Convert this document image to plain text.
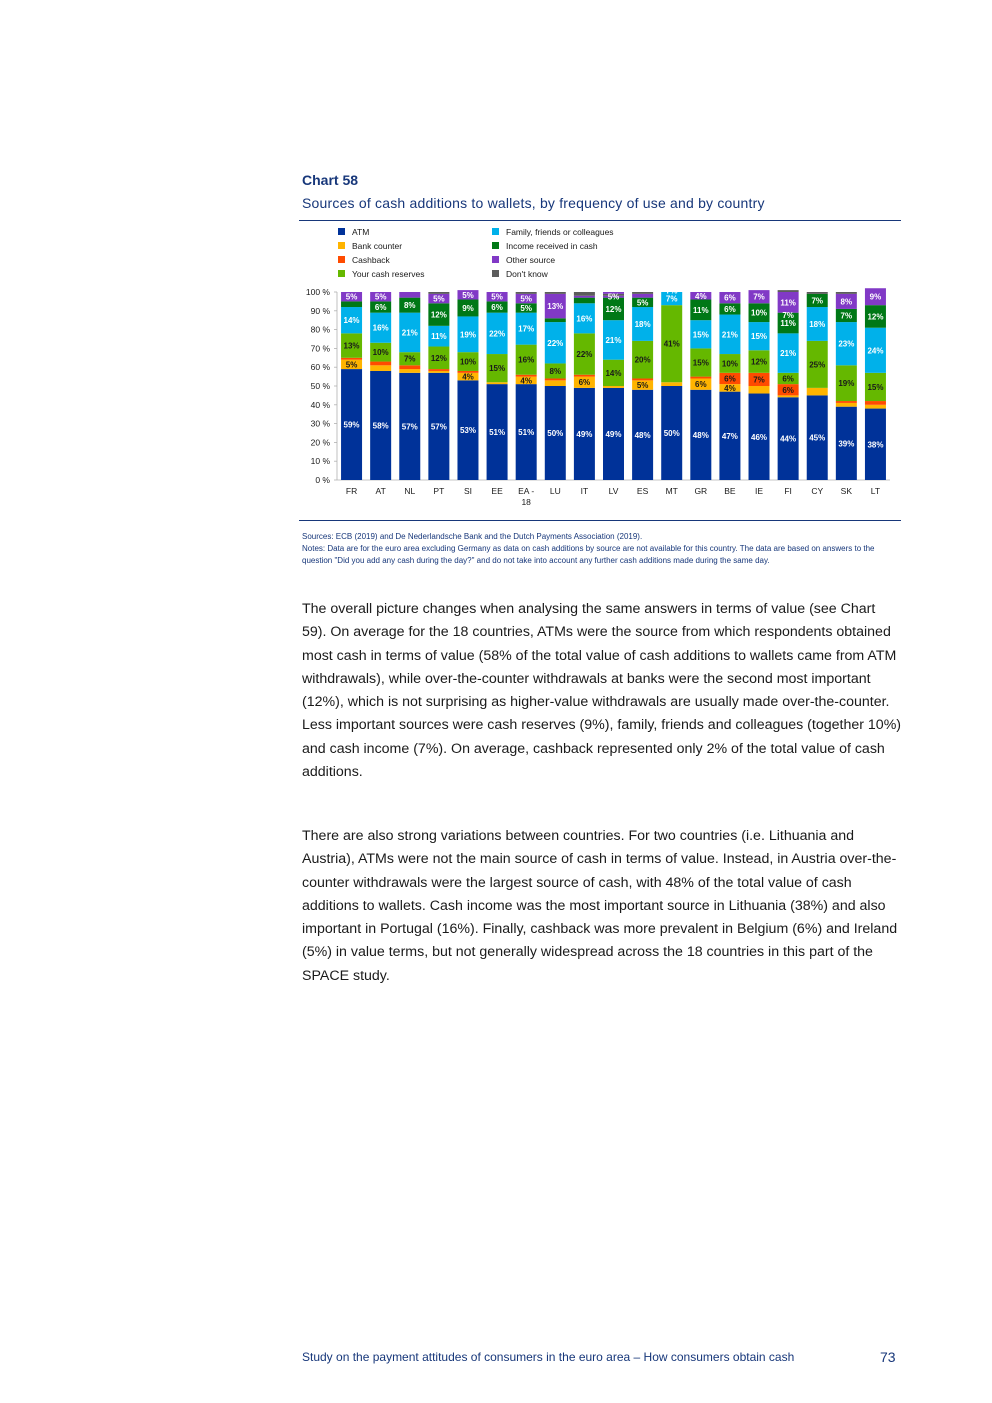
Chart 58
Sources of cash additions to wallets, by frequency of use and by country
ATM
Bank counter
Cashback
Your cash reserves
Family, friends or colleagues
Income received in cash
Other source
Don't know
0 %
10 %
20 %
30 %
40 %
50 %
60 %
70 %
80 %
90 %
100 %
59%
5%
13%
14%
5%
FR
58%
10%
16%
6%
5%
AT
57%
7%
21%
8%
NL
57%
12%
11%
12%
5%
PT
53%
4%
10%
19%
9%
5%
SI
51%
15%
22%
6%
5%
EE
51%
4%
16%
17%
5%
5%
EA -
18
50%
8%
22%
13%
LU
49%
6%
22%
16%
IT
49%
14%
21%
12%
5%
LV
48%
5%
20%
18%
5%
ES
50%
41%
7%
MT
48%
6%
15%
15%
11%
4%
GR
47%
4%
6%
10%
21%
6%
6%
BE
46%
7%
12%
15%
10%
7%
IE
44%
6%
6%
21%
11%
11%
FI
45%
25%
18%
7%
CY
39%
19%
23%
7%
8%
SK
38%
15%
24%
12%
9%
LT
7%
7%

Sources: ECB (2019) and De Nederlandsche Bank and the Dutch Payments Association (2019).

Notes: Data are for the euro area excluding Germany as data on cash additions by source are not available for this country. The data are based on answers to the question "Did you add any cash during the day?" and do not take into account any further cash additions made during the same day.

The overall picture changes when analysing the same answers in terms of value (see Chart 59). On average for the 18 countries, ATMs were the source from which respondents obtained most cash in terms of value (58% of the total value of cash additions to wallets came from ATM withdrawals), while over-the-counter withdrawals at banks were the second most important (12%), which is not surprising as higher-value withdrawals are usually made over-the-counter. Less important sources were cash reserves (9%), family, friends and colleagues (together 10%) and cash income (7%). On average, cashback represented only 2% of the total value of cash additions.

There are also strong variations between countries. For two countries (i.e. Lithuania and Austria), ATMs were not the main source of cash in terms of value. Instead, in Austria over-the-counter withdrawals were the largest source of cash, with 48% of the total value of cash additions to wallets. Cash income was the most important source in Lithuania (38%) and also important in Portugal (16%). Finally, cashback was more prevalent in Belgium (6%) and Ireland (5%) in value terms, but not generally widespread across the 18 countries in this part of the SPACE study.

Study on the payment attitudes of consumers in the euro area – How consumers obtain cash	73
